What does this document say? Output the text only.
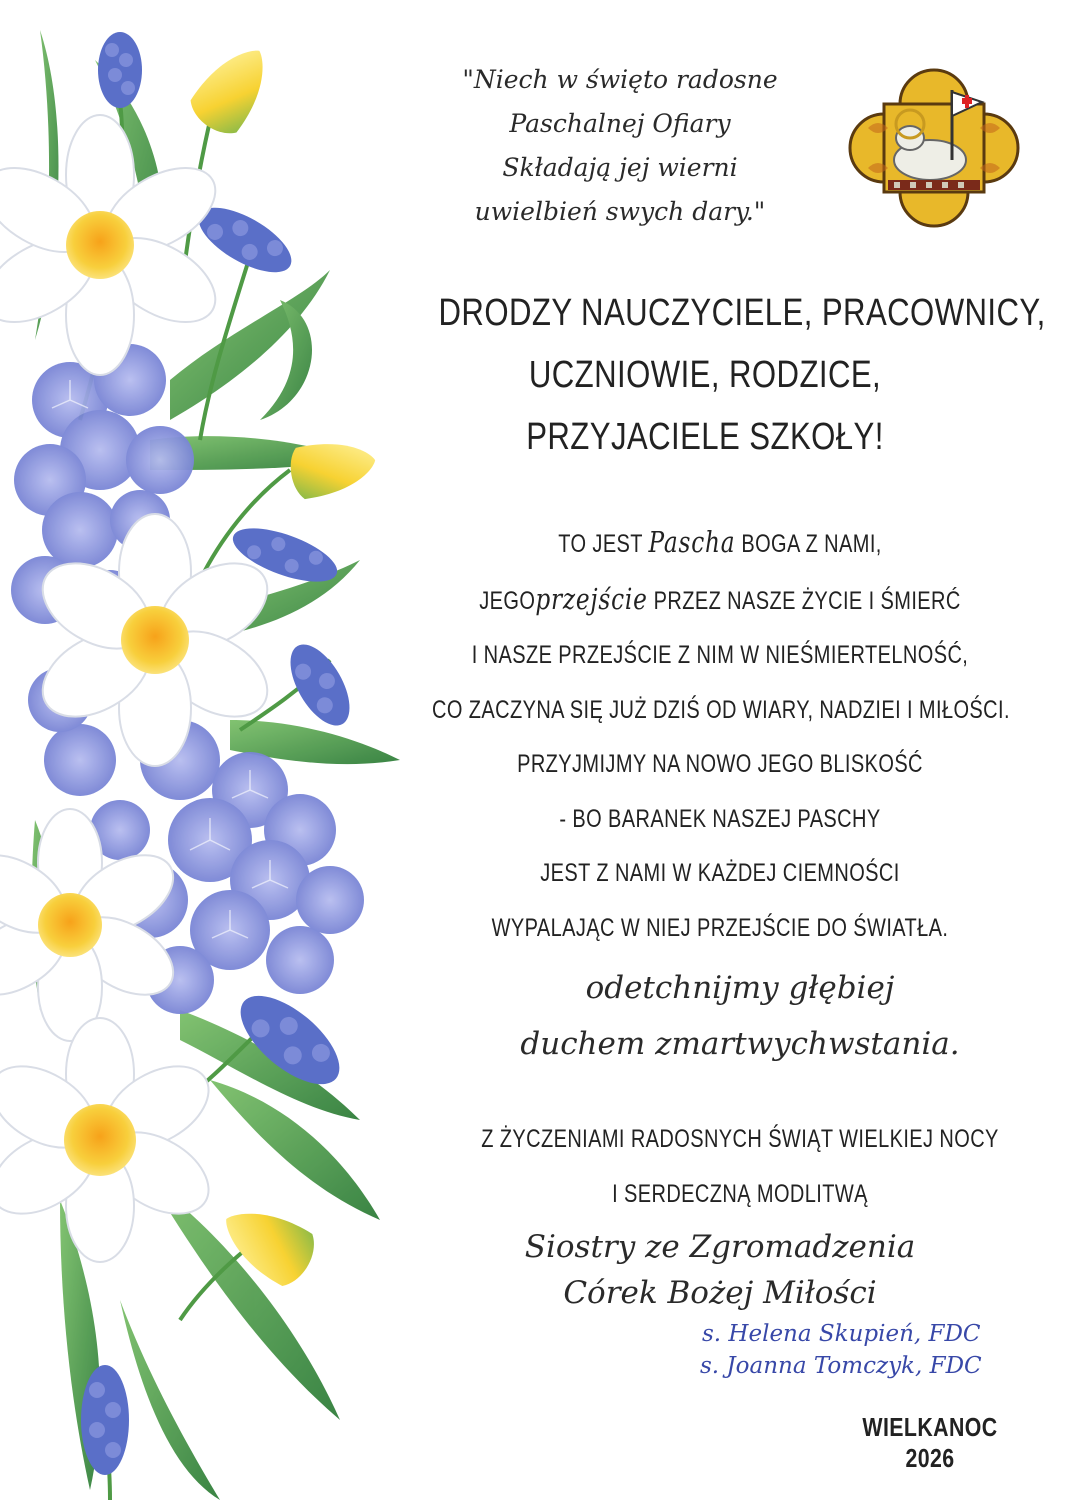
"Niech w święto radosne
Paschalnej Ofiary
Składają jej wierni
uwielbień swych dary."
DRODZY NAUCZYCIELE, PRACOWNICY,
UCZNIOWIE, RODZICE,
PRZYJACIELE SZKOŁY!
TO JEST Pascha BOGA Z NAMI,
JEGOprzejście PRZEZ NASZE ŻYCIE I ŚMIERĆ
I NASZE PRZEJŚCIE Z NIM W NIEŚMIERTELNOŚĆ,
CO ZACZYNA SIĘ JUŻ DZIŚ OD WIARY, NADZIEI I MIŁOŚCI.
PRZYJMIJMY NA NOWO JEGO BLISKOŚĆ
- BO BARANEK NASZEJ PASCHY
JEST Z NAMI W KAŻDEJ CIEMNOŚCI
WYPALAJĄC W NIEJ PRZEJŚCIE DO ŚWIATŁA.
odetchnijmy głębiej
duchem zmartwychwstania.
Z ŻYCZENIAMI RADOSNYCH ŚWIĄT WIELKIEJ NOCY
I SERDECZNĄ MODLITWĄ
Siostry ze Zgromadzenia
Córek Bożej Miłości
s. Helena Skupień, FDC
s. Joanna Tomczyk, FDC
WIELKANOC 2026
